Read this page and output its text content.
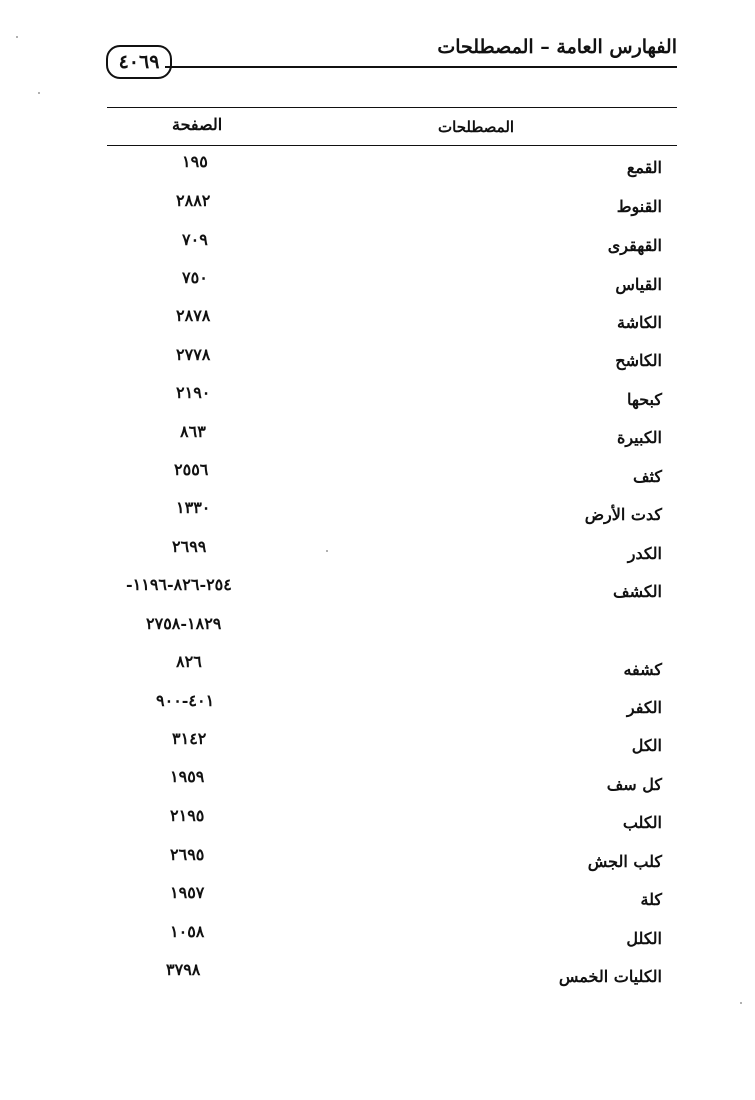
الفهارس العامة – المصطلحات
٤٠٦٩
المصطلحات
الصفحة
القمع
١٩٥
القنوط
٢٨٨٢
القهقرى
٧٠٩
القياس
٧٥٠
الكاشة
٢٨٧٨
الكاشح
٢٧٧٨
كبحها
٢١٩٠
الكبيرة
٨٦٣
كثف
٢٥٥٦
كدت الأرض
١٣٣٠
الكدر
٢٦٩٩
الكشف
٢٥٤-٨٢٦-١١٩٦-
١٨٢٩-٢٧٥٨
كشفه
٨٢٦
الكفر
٤٠١-٩٠٠
الكل
٣١٤٢
كل سف
١٩٥٩
الكلب
٢١٩٥
كلب الجش
٢٦٩٥
كلة
١٩٥٧
الكلل
١٠٥٨
الكليات الخمس
٣٧٩٨
